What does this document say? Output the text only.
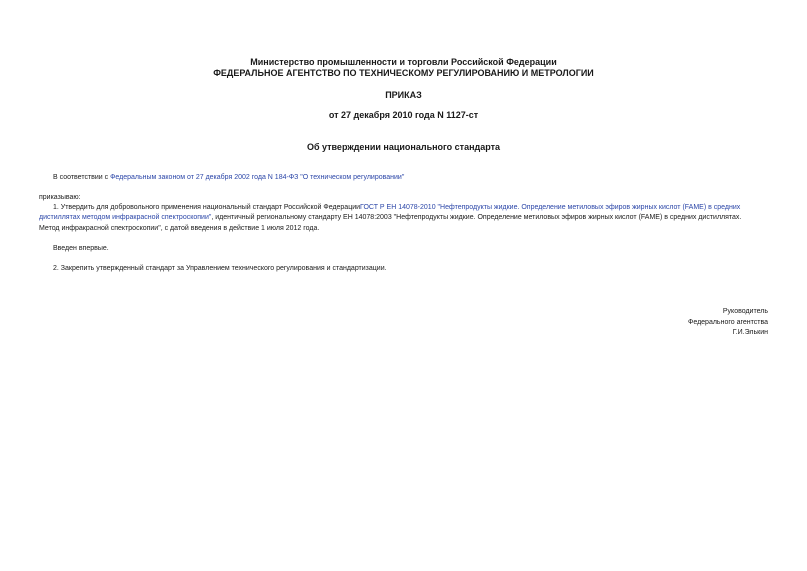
Министерство промышленности и торговли Российской Федерации
ФЕДЕРАЛЬНОЕ АГЕНТСТВО ПО ТЕХНИЧЕСКОМУ РЕГУЛИРОВАНИЮ И МЕТРОЛОГИИ
ПРИКАЗ
от 27 декабря 2010 года N 1127-ст
Об утверждении национального стандарта
В соответствии с Федеральным законом от 27 декабря 2002 года N 184-ФЗ "О техническом регулировании"
приказываю:
1. Утвердить для добровольного применения национальный стандарт Российской ФедерацииГОСТ Р ЕН 14078-2010 "Нефтепродукты жидкие. Определение метиловых эфиров жирных кислот (FAME) в средних
дистиллятах методом инфракрасной спектроскопии", идентичный региональному стандарту ЕН 14078:2003 "Нефтепродукты жидкие. Определение метиловых эфиров жирных кислот (FAME) в средних дистиллятах.
Метод инфракрасной спектроскопии", с датой введения в действие 1 июля 2012 года.
Введен впервые.
2. Закрепить утвержденный стандарт за Управлением технического регулирования и стандартизации.
Руководитель
Федерального агентства
Г.И.Элькин
